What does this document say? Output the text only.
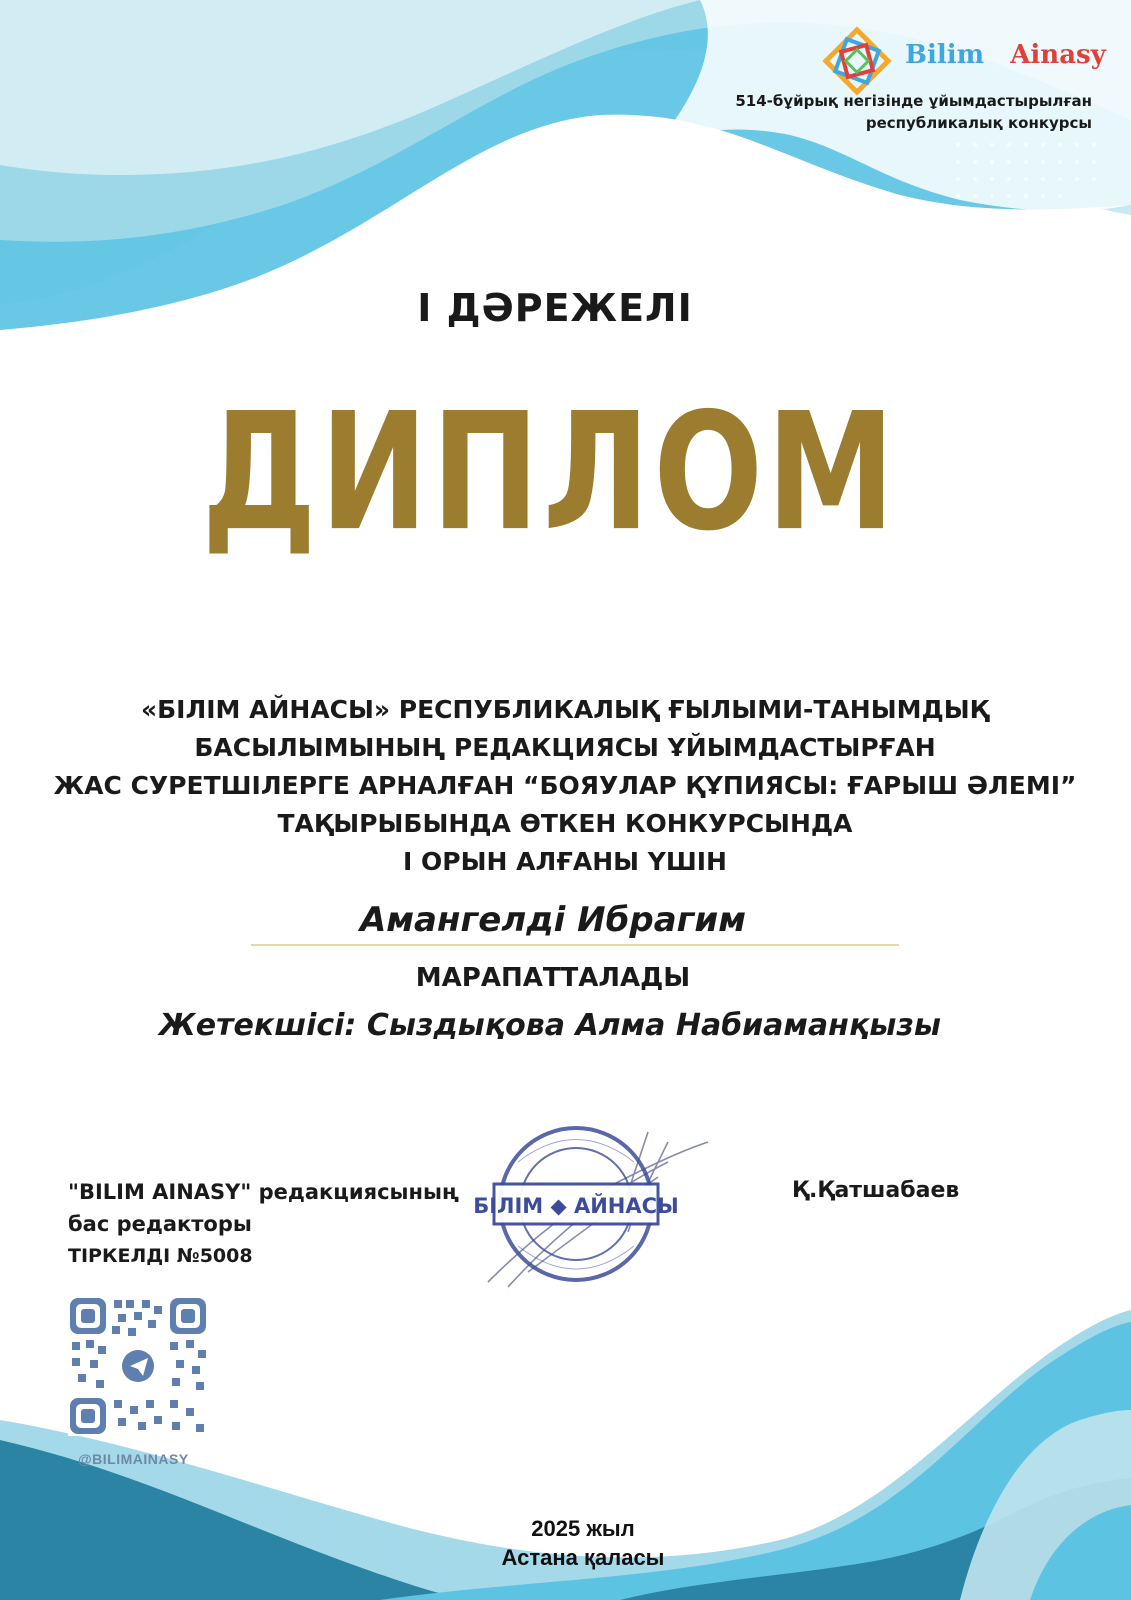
Bilim Ainasy
514-бұйрық негізінде ұйымдастырылған
республикалық конкурсы
І ДӘРЕЖЕЛІ
ДИПЛОМ
«БІЛІМ АЙНАСЫ» РЕСПУБЛИКАЛЫҚ ҒЫЛЫМИ-ТАНЫМДЫҚ
БАСЫЛЫМЫНЫҢ РЕДАКЦИЯСЫ ҰЙЫМДАСТЫРҒАН
ЖАС СУРЕТШІЛЕРГЕ АРНАЛҒАН “БОЯУЛАР ҚҰПИЯСЫ: ҒАРЫШ ӘЛЕМІ”
ТАҚЫРЫБЫНДА ӨТКЕН КОНКУРСЫНДА
І ОРЫН АЛҒАНЫ ҮШІН
Амангелді Ибрагим
МАРАПАТТАЛАДЫ
Жетекшісі: Сыздықова Алма Набиаманқызы
"BILIM AINASY" редакциясының
бас редакторы
ТІРКЕЛДІ №5008
Қ.Қатшабаев
БІЛІМ ◆ АЙНАСЫ
@BILIMAINASY
2025 жыл
Астана қаласы
